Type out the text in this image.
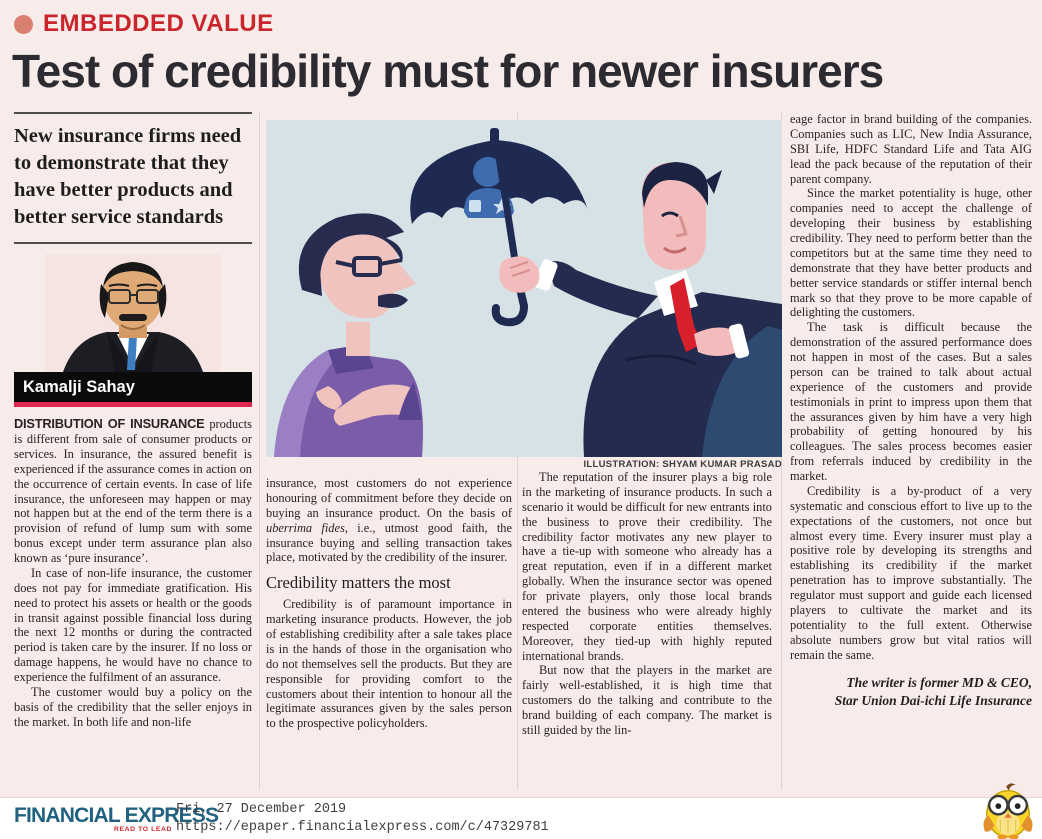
EMBEDDED VALUE
Test of credibility must for newer insurers
New insurance firms need to demonstrate that they have better products and better service standards
Kamalji Sahay

DISTRIBUTION OF INSURANCE products is different from sale of consumer products or services. In insurance, the assured benefit is experienced if the assurance comes in action on the occurrence of certain events. In case of life insurance, the unforeseen may happen or may not happen but at the end of the term there is a provision of refund of lump sum with some bonus except under term assurance plan also known as ‘pure insurance’.

In case of non-life insurance, the customer does not pay for immediate gratification. His need to protect his assets or health or the goods in transit against possible financial loss during the next 12 months or during the contracted period is taken care by the insurer. If no loss or damage happens, he would have no chance to experience the fulfilment of an assurance.

The customer would buy a policy on the basis of the credibility that the seller enjoys in the market. In both life and non-life

ILLUSTRATION: SHYAM KUMAR PRASAD

insurance, most customers do not experience honouring of commitment before they decide on buying an insurance product. On the basis of uberrima fides, i.e., utmost good faith, the insurance buying and selling transaction takes place, motivated by the credibility of the insurer.

Credibility matters the most

Credibility is of paramount importance in marketing insurance products. However, the job of establishing credibility after a sale takes place is in the hands of those in the organisation who do not themselves sell the products. But they are responsible for providing comfort to the customers about their intention to honour all the legitimate assurances given by the sales person to the prospective policyholders.

The reputation of the insurer plays a big role in the marketing of insurance products. In such a scenario it would be difficult for new entrants into the business to prove their credibility. The credibility factor motivates any new player to have a tie-up with someone who already has a great reputation, even if in a different market globally. When the insurance sector was opened for private players, only those local brands entered the business who were already highly respected corporate entities themselves. Moreover, they tied-up with highly reputed international brands.

But now that the players in the market are fairly well-established, it is high time that customers do the talking and contribute to the brand building of each company. The market is still guided by the lin-

eage factor in brand building of the companies. Companies such as LIC, New India Assurance, SBI Life, HDFC Standard Life and Tata AIG lead the pack because of the reputation of their parent company.

Since the market potentiality is huge, other companies need to accept the challenge of developing their business by establishing credibility. They need to perform better than the competitors but at the same time they need to demonstrate that they have better products and better service standards or stiffer internal bench mark so that they prove to be more capable of delighting the customers.

The task is difficult because the demonstration of the assured performance does not happen in most of the cases. But a sales person can be trained to talk about actual experience of the customers and provide testimonials in print to impress upon them that the assurances given by him have a very high probability of getting honoured by his colleagues. The sales process becomes easier from referrals induced by credibility in the market.

Credibility is a by-product of a very systematic and conscious effort to live up to the expectations of the customers, not once but almost every time. Every insurer must play a positive role by developing its strengths and establishing its credibility if the market penetration has to improve substantially. The regulator must support and guide each licensed players to cultivate the market and its potentiality to the full extent. Otherwise absolute numbers grow but vital ratios will remain the same.

The writer is former MD & CEO,
Star Union Dai-ichi Life Insurance
FINANCIAL EXPRESS
READ TO LEAD
Fri, 27 December 2019
https://epaper.financialexpress.com/c/47329781
